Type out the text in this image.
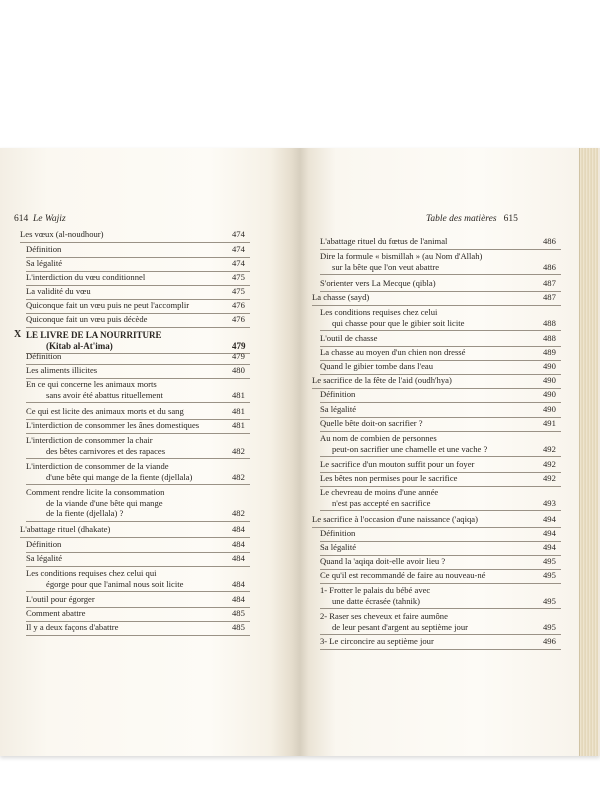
614 Le Wajiz
X
Les vœux (al-noudhour)	474
Définition	474
Sa légalité	474
L'interdiction du vœu conditionnel	475
La validité du vœu	475
Quiconque fait un vœu puis ne peut l'accomplir	476
Quiconque fait un vœu puis décède	476
LE LIVRE DE LA NOURRITURE
(Kitab al-At'ima)	479
Définition	479
Les aliments illicites	480
En ce qui concerne les animaux morts
sans avoir été abattus rituellement	481
Ce qui est licite des animaux morts et du sang	481
L'interdiction de consommer les ânes domestiques	481
L'interdiction de consommer la chair
des bêtes carnivores et des rapaces	482
L'interdiction de consommer de la viande
d'une bête qui mange de la fiente (djellala)	482
Comment rendre licite la consommation
de la viande d'une bête qui mange
de la fiente (djellala) ?	482
L'abattage rituel (dhakate)	484
Définition	484
Sa légalité	484
Les conditions requises chez celui qui
égorge pour que l'animal nous soit licite	484
L'outil pour égorger	484
Comment abattre	485
Il y a deux façons d'abattre	485
Table des matières 615
L'abattage rituel du fœtus de l'animal	486
Dire la formule « bismillah » (au Nom d'Allah)
sur la bête que l'on veut abattre	486
S'orienter vers La Mecque (qibla)	487
La chasse (sayd)	487
Les conditions requises chez celui
qui chasse pour que le gibier soit licite	488
L'outil de chasse	488
La chasse au moyen d'un chien non dressé	489
Quand le gibier tombe dans l'eau	490
Le sacrifice de la fête de l'aid (oudh'hya)	490
Définition	490
Sa légalité	490
Quelle bête doit-on sacrifier ?	491
Au nom de combien de personnes
peut-on sacrifier une chamelle et une vache ?	492
Le sacrifice d'un mouton suffit pour un foyer	492
Les bêtes non permises pour le sacrifice	492
Le chevreau de moins d'une année
n'est pas accepté en sacrifice	493
Le sacrifice à l'occasion d'une naissance ('aqiqa)	494
Définition	494
Sa légalité	494
Quand la 'aqiqa doit-elle avoir lieu ?	495
Ce qu'il est recommandé de faire au nouveau-né	495
1- Frotter le palais du bébé avec
une datte écrasée (tahnik)	495
2- Raser ses cheveux et faire aumône
de leur pesant d'argent au septième jour	495
3- Le circoncire au septième jour	496
